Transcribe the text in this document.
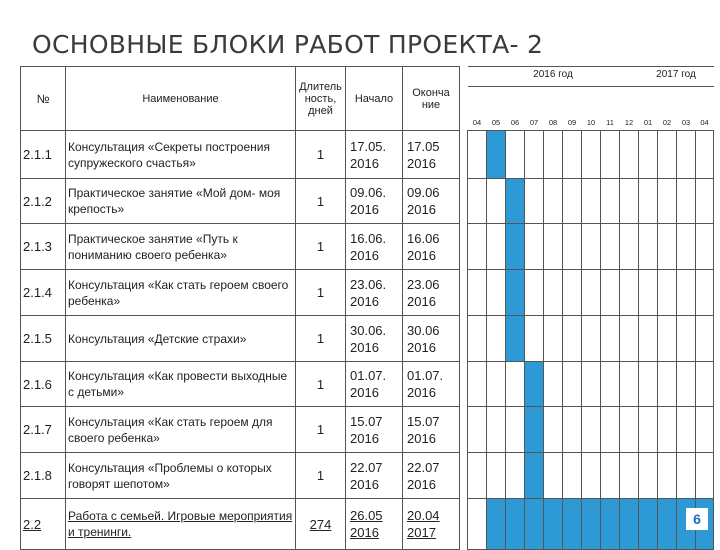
ОСНОВНЫЕ БЛОКИ РАБОТ ПРОЕКТА- 2
№	Наименование	Длитель ность, дней	Начало	Оконча ние		2016 год									2017 год			
						04	05	06	07	08	09	10	11	12	01	02	03	04
2.1.1	Консультация «Секреты построения супружеского счастья»	1	17.05. 2016	17.05 2016														
2.1.2	Практическое занятие «Мой дом- моя крепость»	1	09.06. 2016	09.06 2016														
2.1.3	Практическое занятие «Путь к пониманию своего ребенка»	1	16.06. 2016	16.06 2016														
2.1.4	Консультация «Как стать героем своего ребенка»	1	23.06. 2016	23.06 2016														
2.1.5	Консультация «Детские страхи»	1	30.06. 2016	30.06 2016														
2.1.6	Консультация «Как провести выходные с детьми»	1	01.07. 2016	01.07. 2016														
2.1.7	Консультация «Как стать героем для своего ребенка»	1	15.07 2016	15.07 2016														
2.1.8	Консультация «Проблемы о которых говорят шепотом»	1	22.07 2016	22.07 2016														
2.2	Работа с семьей. Игровые мероприятия и тренинги.	274	26.05 2016	20.04 2017														
6
